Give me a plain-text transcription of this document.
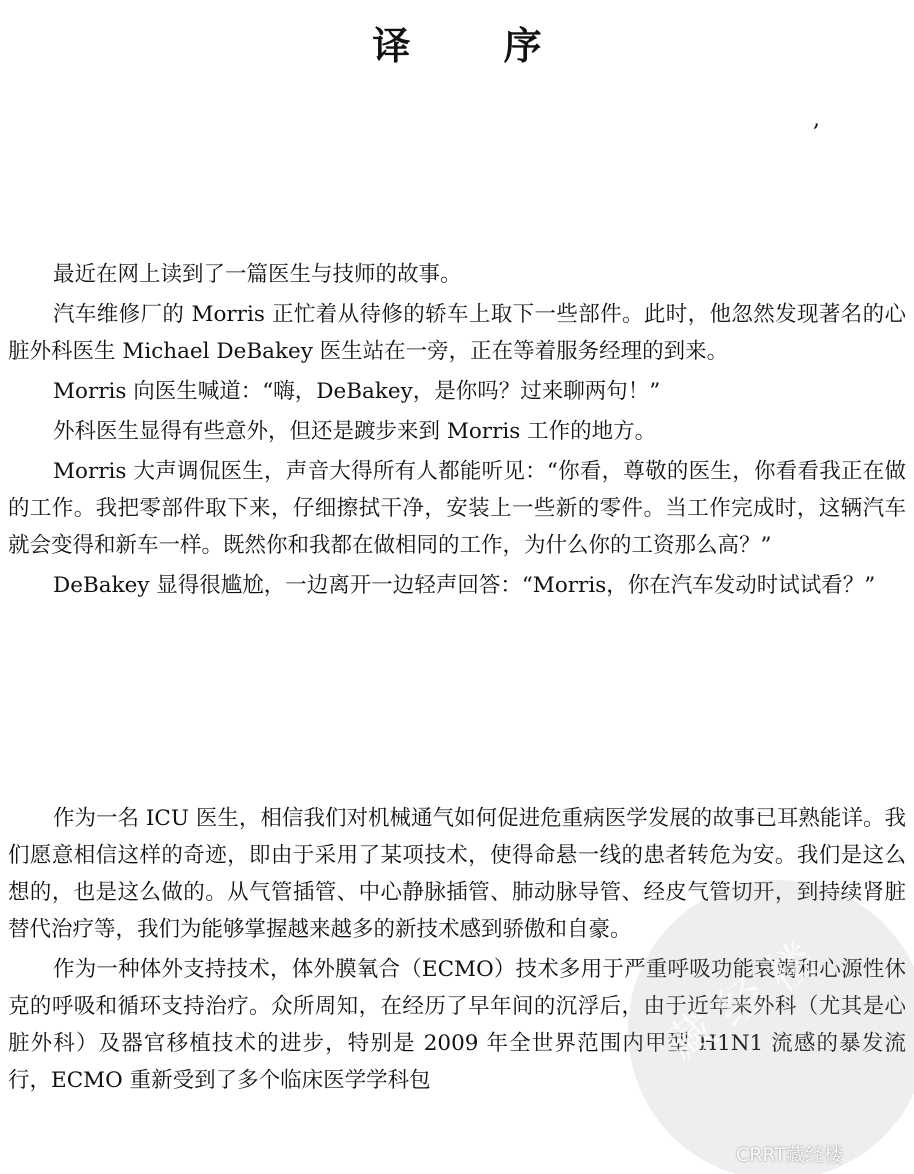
译 序
,

最近在网上读到了一篇医生与技师的故事。

汽车维修厂的 Morris 正忙着从待修的轿车上取下一些部件。此时，他忽然发现著名的心脏外科医生 Michael DeBakey 医生站在一旁，正在等着服务经理的到来。

Morris 向医生喊道：“嗨，DeBakey，是你吗？过来聊两句！”

外科医生显得有些意外，但还是踱步来到 Morris 工作的地方。

Morris 大声调侃医生，声音大得所有人都能听见：“你看，尊敬的医生，你看看我正在做的工作。我把零部件取下来，仔细擦拭干净，安装上一些新的零件。当工作完成时，这辆汽车就会变得和新车一样。既然你和我都在做相同的工作，为什么你的工资那么高？”

DeBakey 显得很尴尬，一边离开一边轻声回答：“Morris，你在汽车发动时试试看？”

作为一名 ICU 医生，相信我们对机械通气如何促进危重病医学发展的故事已耳熟能详。我们愿意相信这样的奇迹，即由于采用了某项技术，使得命悬一线的患者转危为安。我们是这么想的，也是这么做的。从气管插管、中心静脉插管、肺动脉导管、经皮气管切开，到持续肾脏替代治疗等，我们为能够掌握越来越多的新技术感到骄傲和自豪。

作为一种体外支持技术，体外膜氧合（ECMO）技术多用于严重呼吸功能衰竭和心源性休克的呼吸和循环支持治疗。众所周知，在经历了早年间的沉浮后，由于近年来外科（尤其是心脏外科）及器官移植技术的进步，特别是 2009 年全世界范围内甲型 H1N1 流感的暴发流行，ECMO 重新受到了多个临床医学学科包

藏 经 楼
CRRT藏经楼
